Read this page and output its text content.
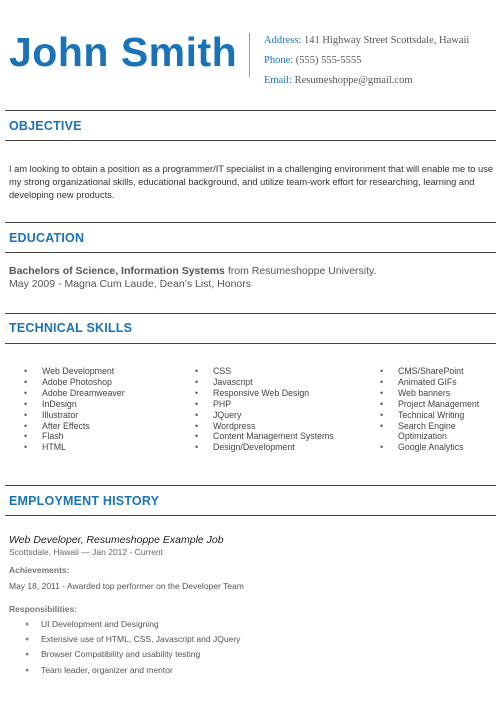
John Smith	Address: 141 Highway Street Scottsdale, Hawaii
Phone: (555) 555-5555
Email: Resumeshoppe@gmail.com
OBJECTIVE
I am looking to obtain a position as a programmer/IT specialist in a challenging environment that will enable me to use my strong organizational skills, educational background, and utilize team-work effort for researching, learning and developing new products.
EDUCATION
Bachelors of Science, Information Systems from Resumeshoppe University.
May 2009 - Magna Cum Laude, Dean’s List, Honors
TECHNICAL SKILLS
• Web Development
• Adobe Photoshop
• Adobe Dreamweaver
• InDesign
• Illustrator
• After Effects
• Flash
• HTML
• CSS
• Javascript
• Responsive Web Design
• PHP
• JQuery
• Wordpress
• Content Management Systems
• Design/Development
• CMS/SharePoint
• Animated GIFs
• Web banners
• Project Management
• Technical Writing
• Search Engine Optimization
• Google Analytics
EMPLOYMENT HISTORY
Web Developer, Resumeshoppe Example Job
Scottsdale, Hawaii — Jan 2012 - Current
Achievements:
May 18, 2011 - Awarded top performer on the Developer Team
Responsibilities:
● UI Development and Designing
● Extensive use of HTML, CSS, Javascript and JQuery
● Browser Compatibility and usability testing
● Team leader, organizer and mentor
